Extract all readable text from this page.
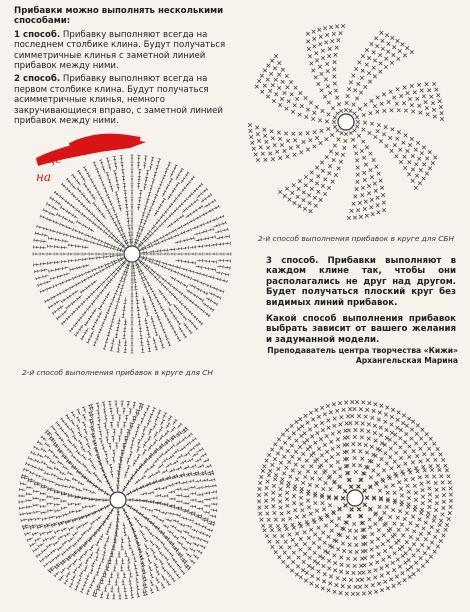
Прибавки можно выполнять несколькими способами:

1 способ. Прибавку выполняют всегда на последнем столбике клина. Будут получаться симметричные клинья с заметной линией прибавок между ними.

2 способ. Прибавку выполняют всегда на первом столбике клина. Будут получаться асимметричные клинья, немного закручивающиеся вправо, с заметной линией прибавок между ними.

еще на
2-й способ выполнения прибавок в круге для СБН
2-й способ выполнения прибавок в круге для СН

3 способ. Прибавки выполняют в каждом клине так, чтобы они располагались не друг над другом. Будет получаться плоский круг без видимых линий прибавок.

Какой способ выполнения прибавок выбрать зависит от вашего желания и задуманной модели.

Преподаватель центра творчества «Кижи»
Архангельская Марина
